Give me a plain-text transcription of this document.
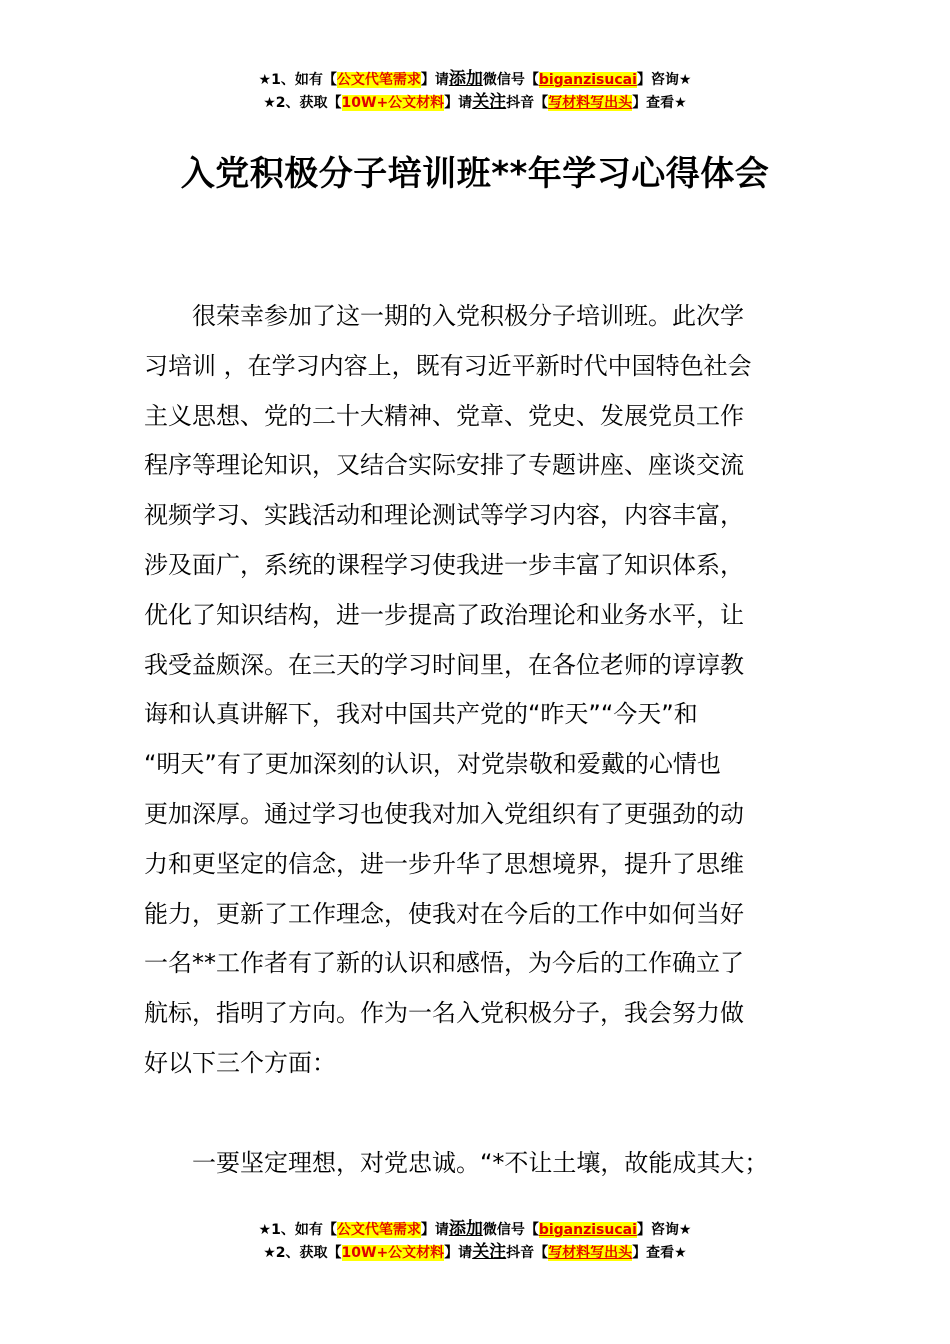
★1、如有【公文代笔需求】请添加微信号【biganzisucai】咨询★
★2、获取【10W+公文材料】请关注抖音【写材料写出头】查看★
入党积极分子培训班**年学习心得体会
　　很荣幸参加了这一期的入党积极分子培训班。此次学
习培训 ，在学习内容上，既有习近平新时代中国特色社会
主义思想、党的二十大精神、党章、党史、发展党员工作
程序等理论知识，又结合实际安排了专题讲座、座谈交流
视频学习、实践活动和理论测试等学习内容，内容丰富，
涉及面广，系统的课程学习使我进一步丰富了知识体系，
优化了知识结构，进一步提高了政治理论和业务水平，让
我受益颇深。在三天的学习时间里，在各位老师的谆谆教
诲和认真讲解下，我对中国共产党的“昨天”“今天”和
“明天”有了更加深刻的认识，对党崇敬和爱戴的心情也
更加深厚。通过学习也使我对加入党组织有了更强劲的动
力和更坚定的信念，进一步升华了思想境界，提升了思维
能力，更新了工作理念，使我对在今后的工作中如何当好
一名**工作者有了新的认识和感悟，为今后的工作确立了
航标，指明了方向。作为一名入党积极分子，我会努力做
好以下三个方面：
　　一要坚定理想，对党忠诚。“*不让土壤，故能成其大；
★1、如有【公文代笔需求】请添加微信号【biganzisucai】咨询★
★2、获取【10W+公文材料】请关注抖音【写材料写出头】查看★
